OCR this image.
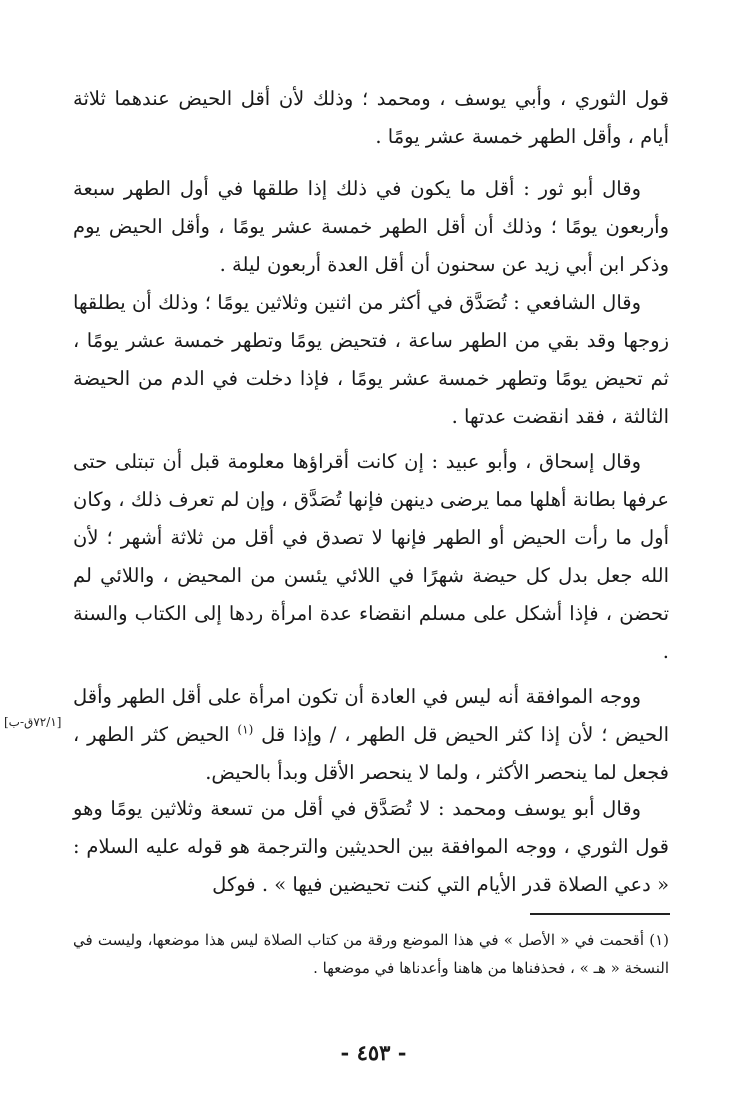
قول الثوري ، وأبي يوسف ، ومحمد ؛ وذلك لأن أقل الحيض عندهما ثلاثة أيام ، وأقل الطهر خمسة عشر يومًا .

وقال أبو ثور : أقل ما يكون في ذلك إذا طلقها في أول الطهر سبعة وأربعون يومًا ؛ وذلك أن أقل الطهر خمسة عشر يومًا ، وأقل الحيض يوم وذكر ابن أبي زيد عن سحنون أن أقل العدة أربعون ليلة .

وقال الشافعي : تُصَدَّق في أكثر من اثنين وثلاثين يومًا ؛ وذلك أن يطلقها زوجها وقد بقي من الطهر ساعة ، فتحيض يومًا وتطهر خمسة عشر يومًا ، ثم تحيض يومًا وتطهر خمسة عشر يومًا ، فإذا دخلت في الدم من الحيضة الثالثة ، فقد انقضت عدتها .

وقال إسحاق ، وأبو عبيد : إن كانت أقراؤها معلومة قبل أن تبتلى حتى عرفها بطانة أهلها مما يرضى دينهن فإنها تُصَدَّق ، وإن لم تعرف ذلك ، وكان أول ما رأت الحيض أو الطهر فإنها لا تصدق في أقل من ثلاثة أشهر ؛ لأن الله جعل بدل كل حيضة شهرًا في اللائي يئسن من المحيض ، واللائي لم تحضن ، فإذا أشكل على مسلم انقضاء عدة امرأة ردها إلى الكتاب والسنة .

ووجه الموافقة أنه ليس في العادة أن تكون امرأة على أقل الطهر وأقل الحيض ؛ لأن إذا كثر الحيض قل الطهر ، / وإذا قل $^{(١)}$ الحيض كثر الطهر ، فجعل لما ينحصر الأكثر ، ولما لا ينحصر الأقل وبدأ بالحيض.

[٧٢/١ق-ب]

وقال أبو يوسف ومحمد : لا تُصَدَّق في أقل من تسعة وثلاثين يومًا وهو قول الثوري ، ووجه الموافقة بين الحديثين والترجمة هو قوله عليه السلام : « دعي الصلاة قدر الأيام التي كنت تحيضين فيها » . فوكل

(١) أقحمت في « الأصل » في هذا الموضع ورقة من كتاب الصلاة ليس هذا موضعها، وليست في النسخة « هـ » ، فحذفناها من هاهنا وأعدناها في موضعها .
- ٤٥٣ -
